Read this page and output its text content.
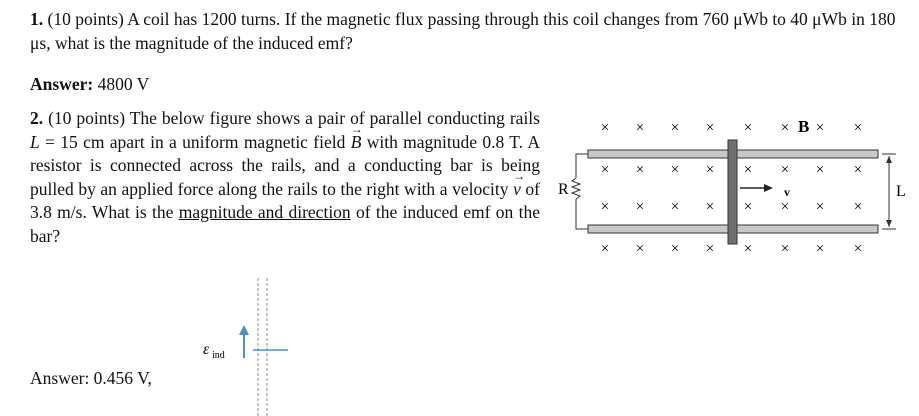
1. (10 points) A coil has 1200 turns. If the magnetic flux passing through this coil changes from 760 μWb to 40 μWb in 180 μs, what is the magnitude of the induced emf?
Answer: 4800 V
2. (10 points) The below figure shows a pair of parallel conducting rails L = 15 cm apart in a uniform magnetic field → B with magnitude 0.8 T. A resistor is connected across the rails, and a conducting bar is being pulled by an applied force along the rails to the right with a velocity → v of 3.8 m/s. What is the magnitude and direction of the induced emf on the bar?
Answer: 0.456 V,
× × × × × × × ×
× × × × × × × ×
× × × × × × × ×
× × × × × × × ×
R
B
v	L
ε ind
